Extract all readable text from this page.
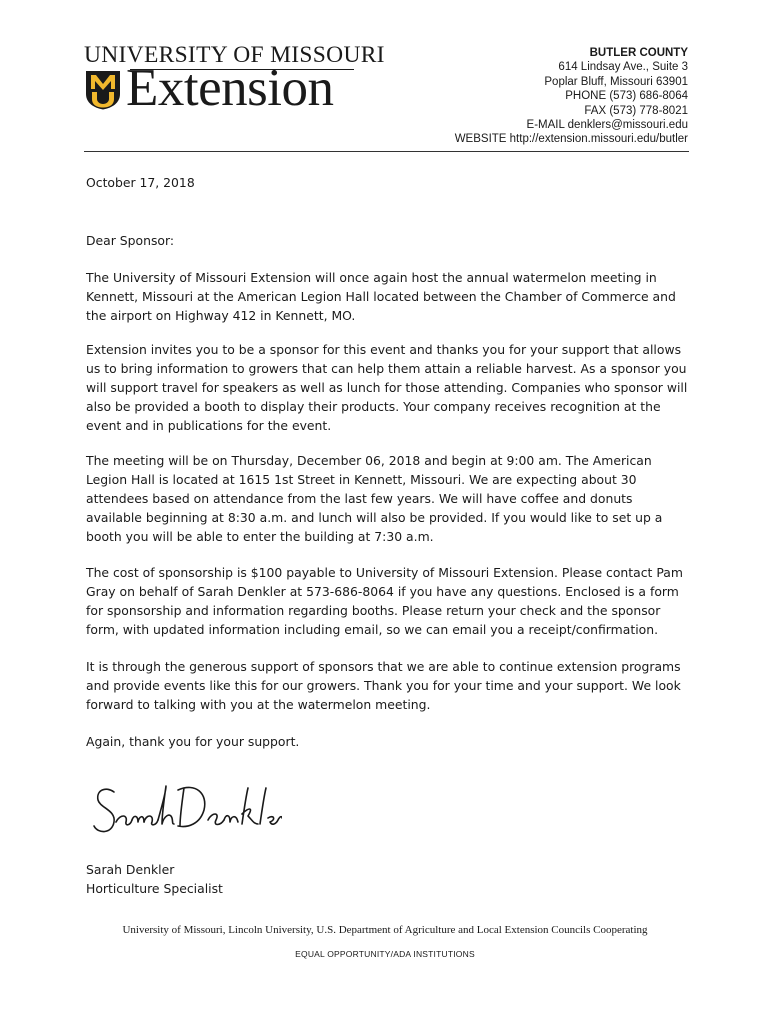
UNIVERSITY OF MISSOURI
Extension
BUTLER COUNTY
614 Lindsay Ave., Suite 3
Poplar Bluff, Missouri 63901
PHONE (573) 686-8064
FAX (573) 778-8021
E-MAIL denklers@missouri.edu
WEBSITE http://extension.missouri.edu/butler
October 17, 2018
Dear Sponsor:
The University of Missouri Extension will once again host the annual watermelon meeting in Kennett, Missouri at the American Legion Hall located between the Chamber of Commerce and the airport on Highway 412 in Kennett, MO.
Extension invites you to be a sponsor for this event and thanks you for your support that allows us to bring information to growers that can help them attain a reliable harvest. As a sponsor you will support travel for speakers as well as lunch for those attending. Companies who sponsor will also be provided a booth to display their products. Your company receives recognition at the event and in publications for the event.
The meeting will be on Thursday, December 06, 2018 and begin at 9:00 am. The American Legion Hall is located at 1615 1st Street in Kennett, Missouri. We are expecting about 30 attendees based on attendance from the last few years. We will have coffee and donuts available beginning at 8:30 a.m. and lunch will also be provided. If you would like to set up a booth you will be able to enter the building at 7:30 a.m.
The cost of sponsorship is $100 payable to University of Missouri Extension. Please contact Pam Gray on behalf of Sarah Denkler at 573-686-8064 if you have any questions. Enclosed is a form for sponsorship and information regarding booths. Please return your check and the sponsor form, with updated information including email, so we can email you a receipt/confirmation.
It is through the generous support of sponsors that we are able to continue extension programs and provide events like this for our growers. Thank you for your time and your support. We look forward to talking with you at the watermelon meeting.
Again, thank you for your support.
Sarah Denkler
Horticulture Specialist
University of Missouri, Lincoln University, U.S. Department of Agriculture and Local Extension Councils Cooperating
EQUAL OPPORTUNITY/ADA INSTITUTIONS
